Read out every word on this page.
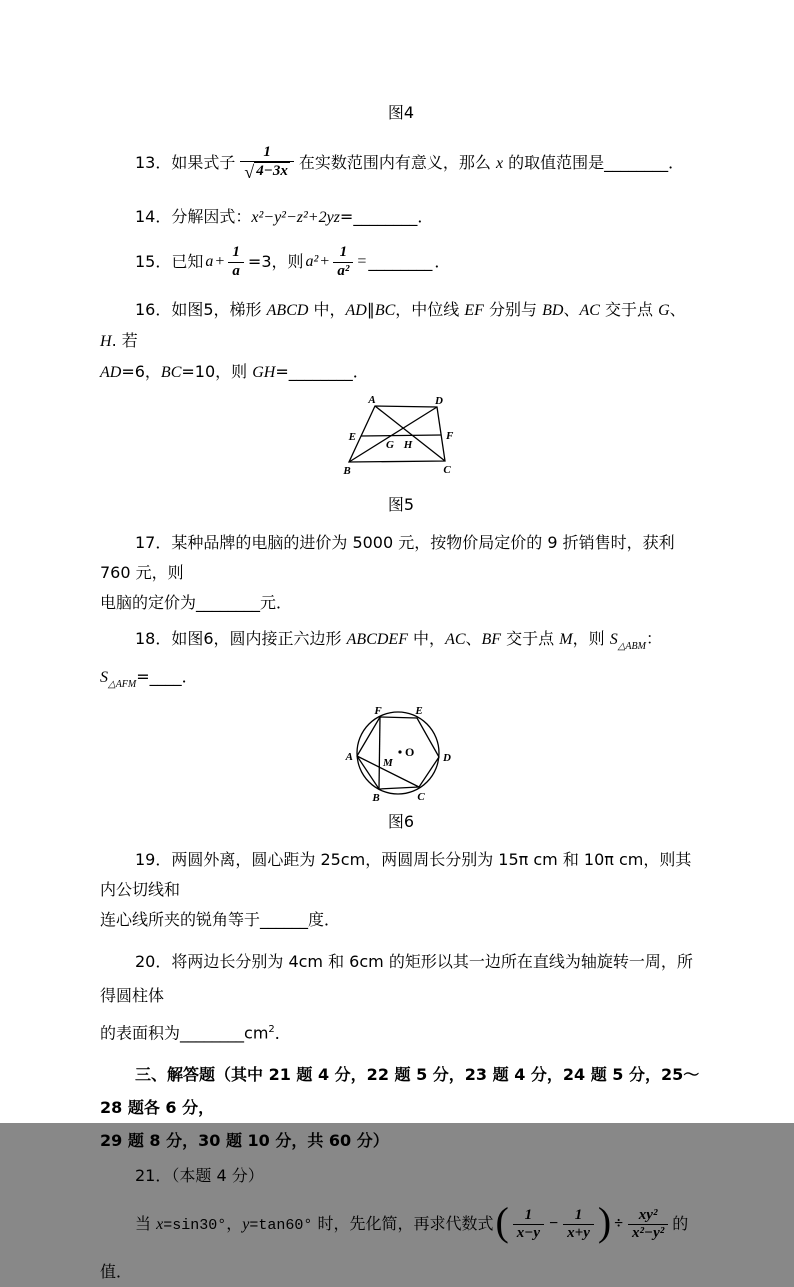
图4
13．如果式子 $\frac{1}{√ 4-3x}$ 在实数范围内有意义，那么 x 的取值范围是________．
14．分解因式：x²−y²−z²+2yz=________．
15．已知 $a + \frac{1}{a} =3$，则 $a^2 + \frac{1}{\text{a²}}$ = ________ ．
16．如图5，梯形 ABCD 中，AD∥BC，中位线 EF 分别与 BD、AC 交于点 G、H. 若
AD=6，BC=10，则 GH=________．
A	D
B	C
E	F
G H
图5
17．某种品牌的电脑的进价为 5000 元，按物价局定价的 9 折销售时，获利 760 元，则
电脑的定价为________元．
18．如图6，圆内接正六边形 ABCDEF 中，AC、BF 交于点 M，则 $S_{\triangle ABM}$：$S_{\triangle AFM}=\_\_\_\_$．
A
F	E
D
B	C
M
O
图6
19．两圆外离，圆心距为 25cm，两圆周长分别为 15π cm 和 10π cm，则其内公切线和
连心线所夹的锐角等于______度．
20．将两边长分别为 4cm 和 6cm 的矩形以其一边所在直线为轴旋转一周，所得圆柱体
的表面积为$\_\_\_\_\_\_\_\_cm^2$．
三、解答题（其中 21 题 4 分，22 题 5 分，23 题 4 分，24 题 5 分，25～28 题各 6 分，
29 题 8 分，30 题 10 分，共 60 分）
21．（本题 4 分）
当 x=sin30°，y=tan60° 时，先化简，再求代数式 ( $\frac{1}{x-y} - \frac{1}{x+y}$ ) ÷ $\frac{\text{xy²}}{\text{x²−y²}}$ 的
值．
